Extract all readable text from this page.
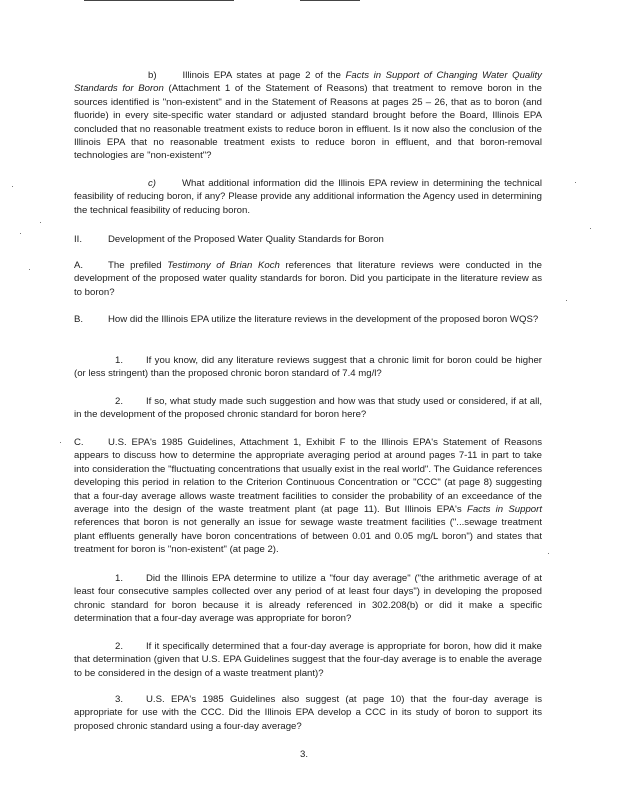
b)	Illinois EPA states at page 2 of the Facts in Support of Changing Water Quality Standards for Boron (Attachment 1 of the Statement of Reasons) that treatment to remove boron in the sources identified is "non-existent" and in the Statement of Reasons at pages 25 – 26, that as to boron (and fluoride) in every site-specific water standard or adjusted standard brought before the Board, Illinois EPA concluded that no reasonable treatment exists to reduce boron in effluent. Is it now also the conclusion of the Illinois EPA that no reasonable treatment exists to reduce boron in effluent, and that boron-removal technologies are "non-existent"?

c)	What additional information did the Illinois EPA review in determining the technical feasibility of reducing boron, if any? Please provide any additional information the Agency used in determining the technical feasibility of reducing boron.

II.	Development of the Proposed Water Quality Standards for Boron

A.	The prefiled Testimony of Brian Koch references that literature reviews were conducted in the development of the proposed water quality standards for boron. Did you participate in the literature review as to boron?

B.	How did the Illinois EPA utilize the literature reviews in the development of the proposed boron WQS?

1. If you know, did any literature reviews suggest that a chronic limit for boron could be higher (or less stringent) than the proposed chronic boron standard of 7.4 mg/l?

2. If so, what study made such suggestion and how was that study used or considered, if at all, in the development of the proposed chronic standard for boron here?

C.	U.S. EPA's 1985 Guidelines, Attachment 1, Exhibit F to the Illinois EPA's Statement of Reasons appears to discuss how to determine the appropriate averaging period at around pages 7-11 in part to take into consideration the "fluctuating concentrations that usually exist in the real world". The Guidance references developing this period in relation to the Criterion Continuous Concentration or "CCC" (at page 8) suggesting that a four-day average allows waste treatment facilities to consider the probability of an exceedance of the average into the design of the waste treatment plant (at page 11). But Illinois EPA's Facts in Support references that boron is not generally an issue for sewage waste treatment facilities ("...sewage treatment plant effluents generally have boron concentrations of between 0.01 and 0.05 mg/L boron") and states that treatment for boron is "non-existent" (at page 2).

1. Did the Illinois EPA determine to utilize a "four day average" ("the arithmetic average of at least four consecutive samples collected over any period of at least four days") in developing the proposed chronic standard for boron because it is already referenced in 302.208(b) or did it make a specific determination that a four-day average was appropriate for boron?

2. If it specifically determined that a four-day average is appropriate for boron, how did it make that determination (given that U.S. EPA Guidelines suggest that the four-day average is to enable the average to be considered in the design of a waste treatment plant)?

3. U.S. EPA's 1985 Guidelines also suggest (at page 10) that the four-day average is appropriate for use with the CCC. Did the Illinois EPA develop a CCC in its study of boron to support its proposed chronic standard using a four-day average?

3.
